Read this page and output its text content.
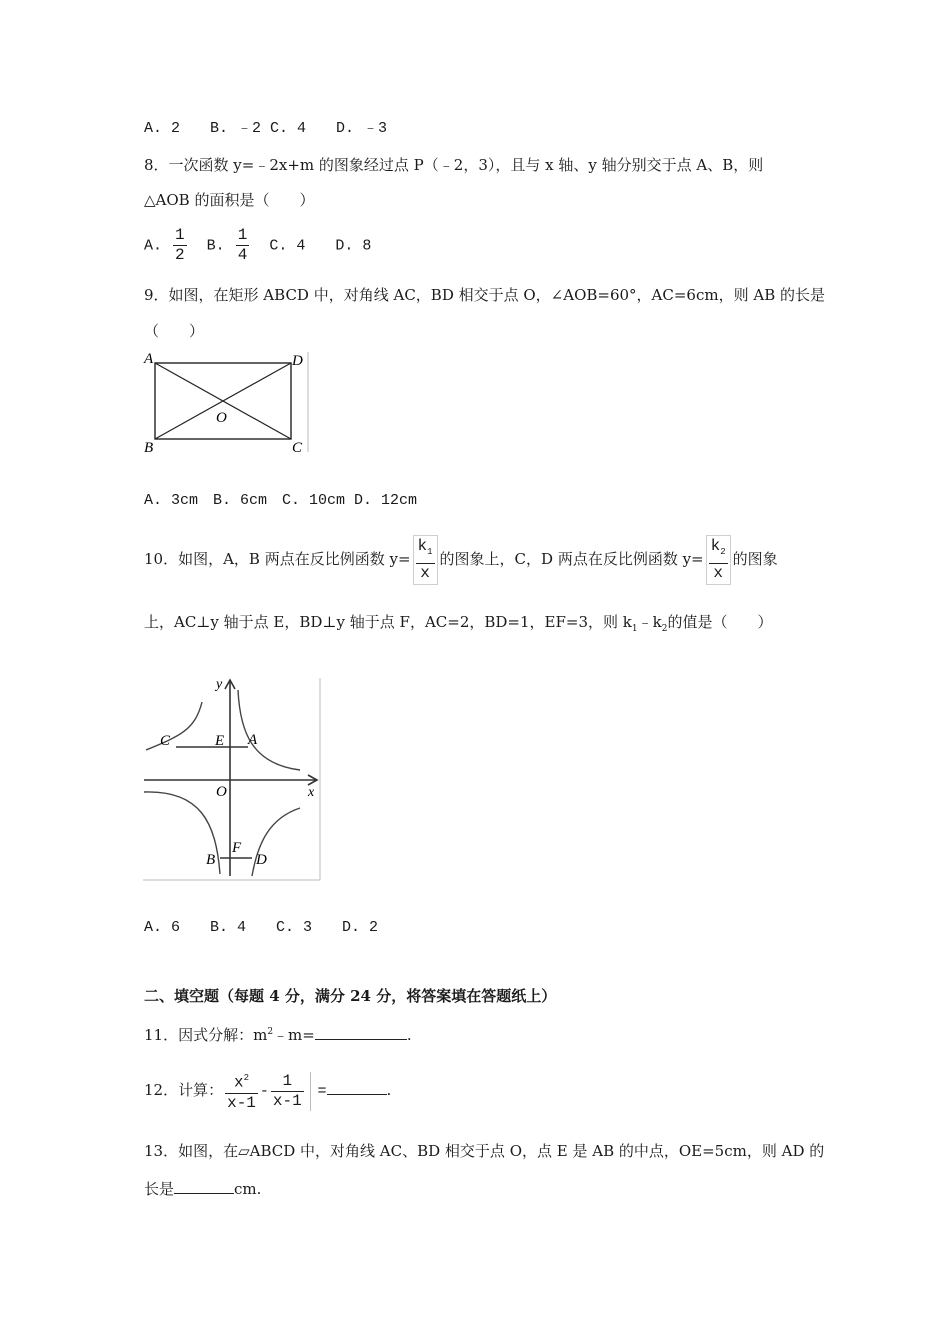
A. 2　　B. ﹣2 C. 4　　D. ﹣3
8．一次函数 y=﹣2x+m 的图象经过点 P（﹣2，3），且与 x 轴、y 轴分别交于点 A、B，则
△AOB 的面积是（　　）
A. $\frac{1}{2} B$. $\frac{1}{4} C$. 4　　D. 8
9．如图，在矩形 ABCD 中，对角线 AC，BD 相交于点 O，∠AOB=60°，AC=6cm，则 AB 的长是
（　　）
A	D
B	C
O
A. 3cm　B. 6cm　C. 10cm D. 12cm
10．如图，A，B 两点在反比例函数 $y= \frac{k_1}{x}$ 的图象上，C，D 两点在反比例函数 $y= \frac{k_2}{x}$ 的图象
上，AC⊥y 轴于点 E，BD⊥y 轴于点 F，AC=2，BD=1，EF=3，则 $k_1﹣k_2$的值是（　　）
y
x
C	E A
O
B
F
D
A. 6　　B. 4　　C. 3　　D. 2
二、填空题（每题 4 分，满分 24 分，将答案填在答题纸上）
11．因式分解：$m^2﹣m=$	.
12．计算： $\frac{x^2}{x-1} - \frac{1}{x-1}$ =	.
13．如图，在▱ABCD 中，对角线 AC、BD 相交于点 O，点 E 是 AB 的中点，OE=5cm，则 AD 的
长是	cm.
